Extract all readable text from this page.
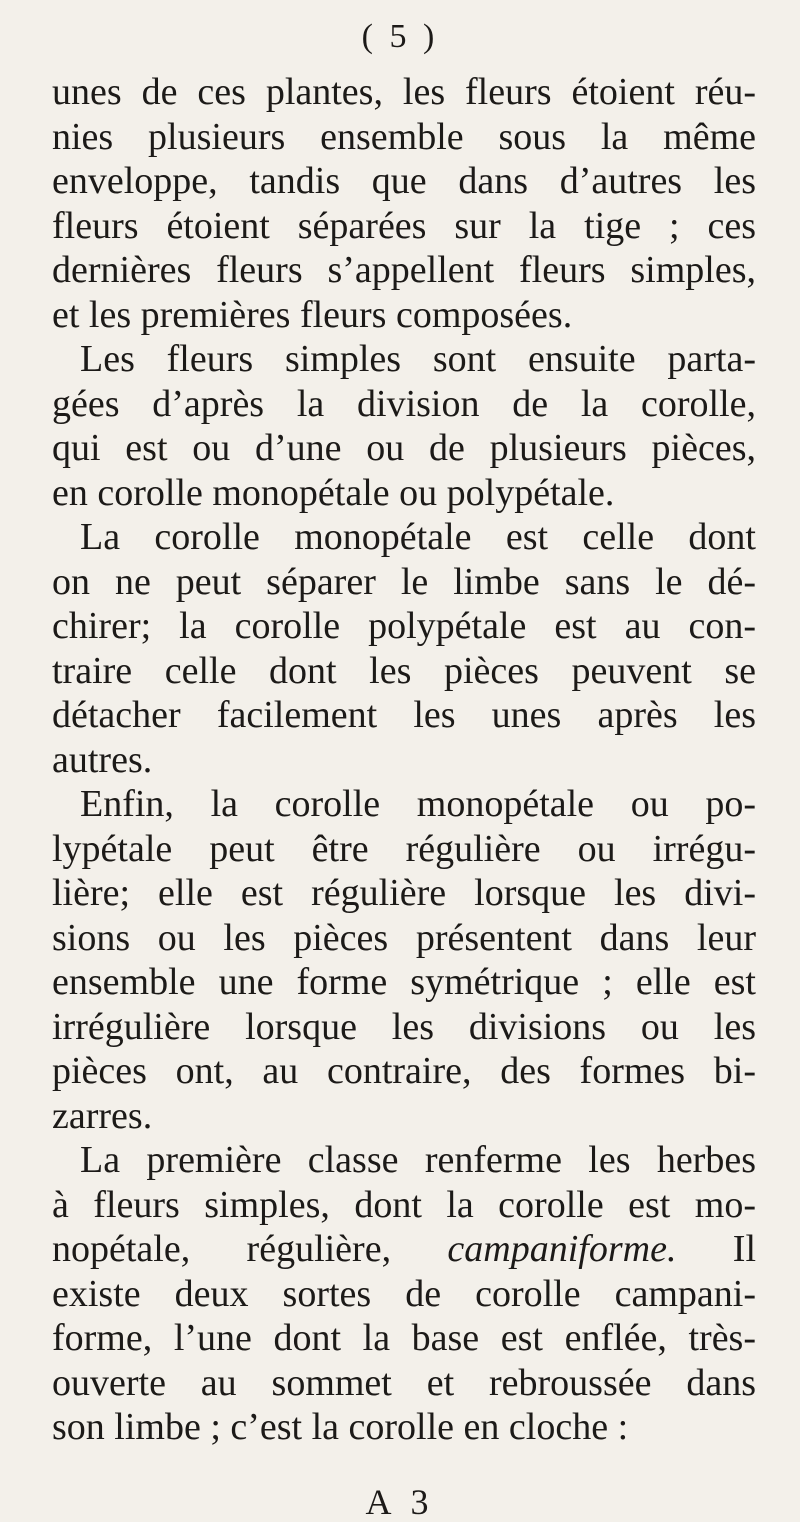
( 5 )
unes de ces plantes, les fleurs étoient réu-
nies plusieurs ensemble sous la même
enveloppe, tandis que dans d’autres les
fleurs étoient séparées sur la tige ; ces
dernières fleurs s’appellent fleurs simples,
et les premières fleurs composées.
Les fleurs simples sont ensuite parta-
gées d’après la division de la corolle,
qui est ou d’une ou de plusieurs pièces,
en corolle monopétale ou polypétale.
La corolle monopétale est celle dont
on ne peut séparer le limbe sans le dé-
chirer; la corolle polypétale est au con-
traire celle dont les pièces peuvent se
détacher facilement les unes après les
autres.
Enfin, la corolle monopétale ou po-
lypétale peut être régulière ou irrégu-
lière; elle est régulière lorsque les divi-
sions ou les pièces présentent dans leur
ensemble une forme symétrique ; elle est
irrégulière lorsque les divisions ou les
pièces ont, au contraire, des formes bi-
zarres.
La première classe renferme les herbes
à fleurs simples, dont la corolle est mo-
nopétale, régulière, campaniforme. Il
existe deux sortes de corolle campani-
forme, l’une dont la base est enflée, très-
ouverte au sommet et rebroussée dans
son limbe ; c’est la corolle en cloche :
A 3
